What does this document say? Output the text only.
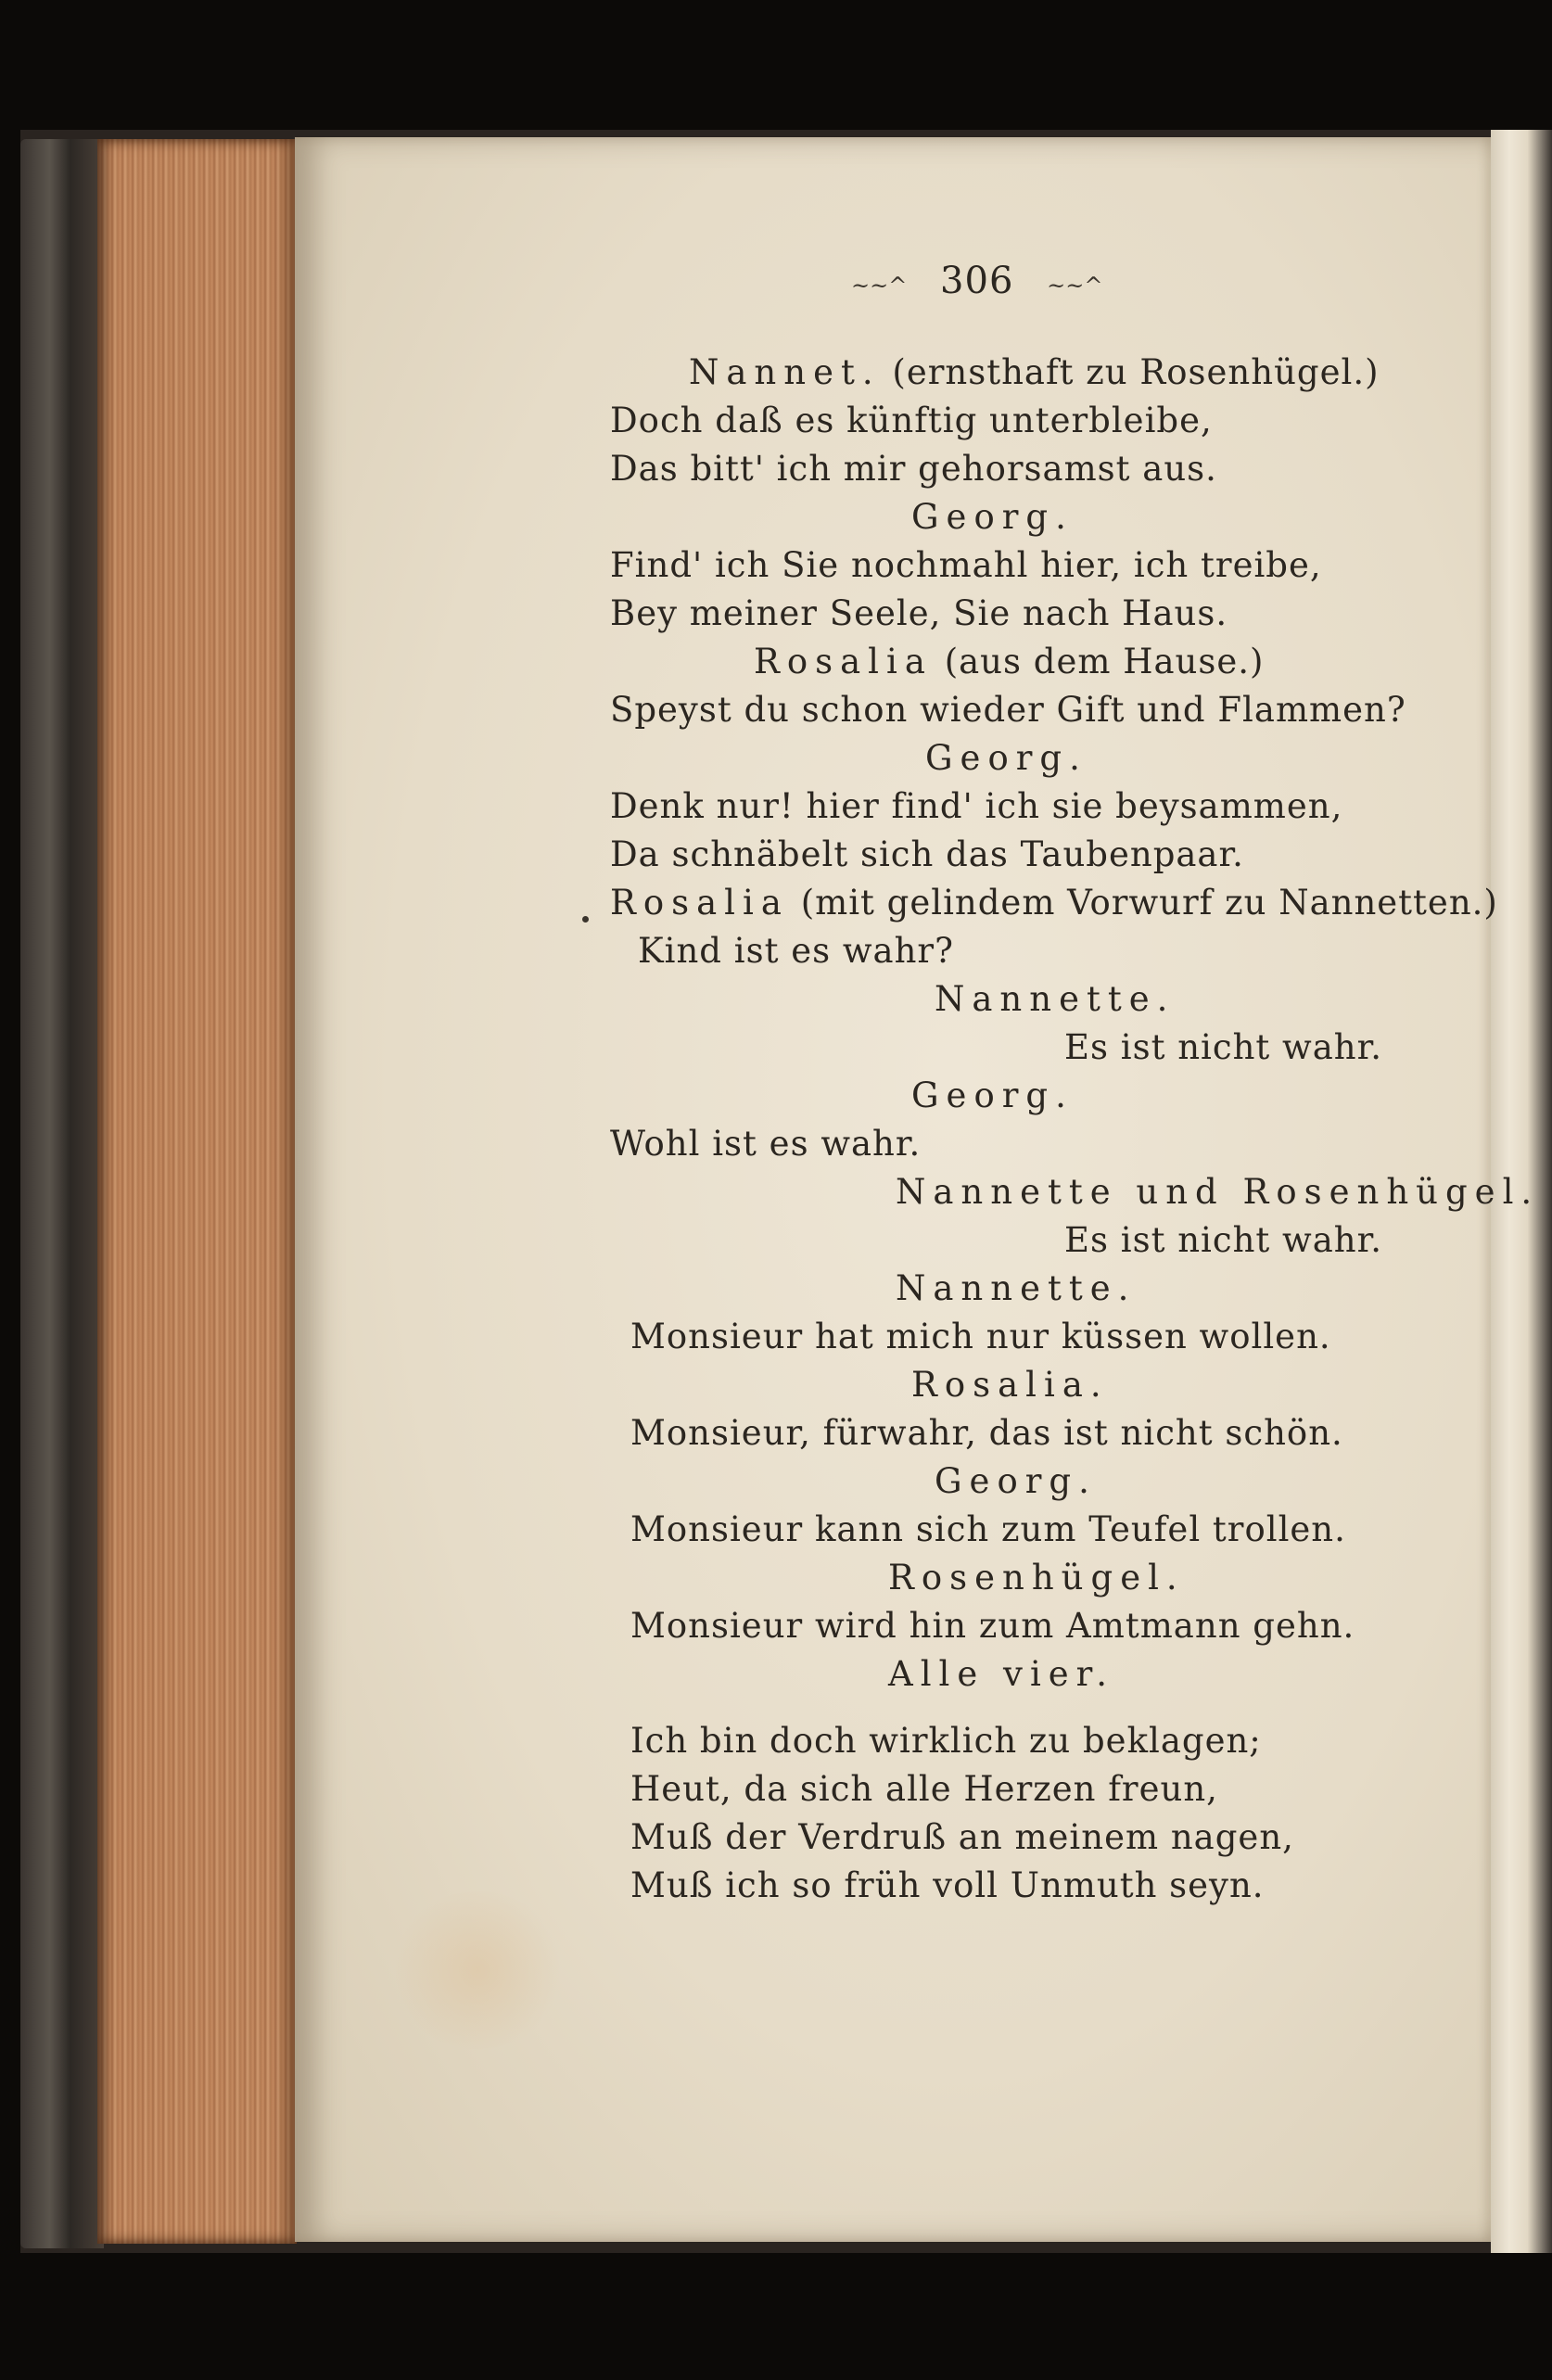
~~^ 306 ~~^
Nannet. (ernsthaft zu Rosenhügel.)
Doch daß es künftig unterbleibe,
Das bitt' ich mir gehorsamst aus.
Georg.
Find' ich Sie nochmahl hier, ich treibe,
Bey meiner Seele, Sie nach Haus.
Rosalia (aus dem Hause.)
Speyst du schon wieder Gift und Flammen?
Georg.
Denk nur! hier find' ich sie beysammen,
Da schnäbelt sich das Taubenpaar.
Rosalia (mit gelindem Vorwurf zu Nannetten.)
Kind ist es wahr?
Nannette.
Es ist nicht wahr.
Georg.
Wohl ist es wahr.
Nannette und Rosenhügel.
Es ist nicht wahr.
Nannette.
Monsieur hat mich nur küssen wollen.
Rosalia.
Monsieur, fürwahr, das ist nicht schön.
Georg.
Monsieur kann sich zum Teufel trollen.
Rosenhügel.
Monsieur wird hin zum Amtmann gehn.
Alle vier.
Ich bin doch wirklich zu beklagen;
Heut, da sich alle Herzen freun,
Muß der Verdruß an meinem nagen,
Muß ich so früh voll Unmuth seyn.
